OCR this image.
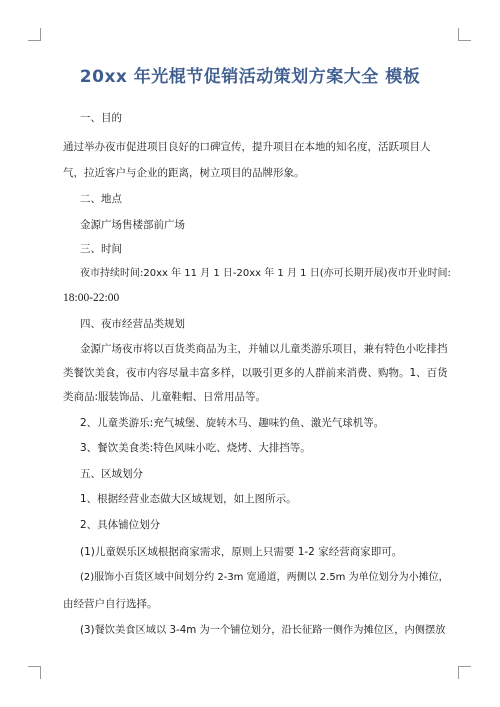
20xx 年光棍节促销活动策划方案大全 模板
一、目的
通过举办夜市促进项目良好的口碑宣传，提升项目在本地的知名度，活跃项目人
气，拉近客户与企业的距离，树立项目的品牌形象。
二、地点
金源广场售楼部前广场
三、时间
夜市持续时间:20xx 年 11 月 1 日-20xx 年 1 月 1 日(亦可长期开展)夜市开业时间:
18:00-22:00
四、夜市经营品类规划
金源广场夜市将以百货类商品为主，并辅以儿童类游乐项目，兼有特色小吃排挡
类餐饮美食，夜市内容尽量丰富多样，以吸引更多的人群前来消费、购物。1、百货
类商品:服装饰品、儿童鞋帽、日常用品等。
2、儿童类游乐:充气城堡、旋转木马、趣味钓鱼、激光气球机等。
3、餐饮美食类:特色风味小吃、烧烤、大排挡等。
五、区域划分
1、根据经营业态做大区域规划，如上图所示。
2、具体铺位划分
(1)儿童娱乐区域根据商家需求，原则上只需要 1-2 家经营商家即可。
(2)服饰小百货区域中间划分约 2-3m 宽通道，两侧以 2.5m 为单位划分为小摊位，
由经营户自行选择。
(3)餐饮美食区域以 3-4m 为一个铺位划分，沿长征路一侧作为摊位区，内侧摆放
